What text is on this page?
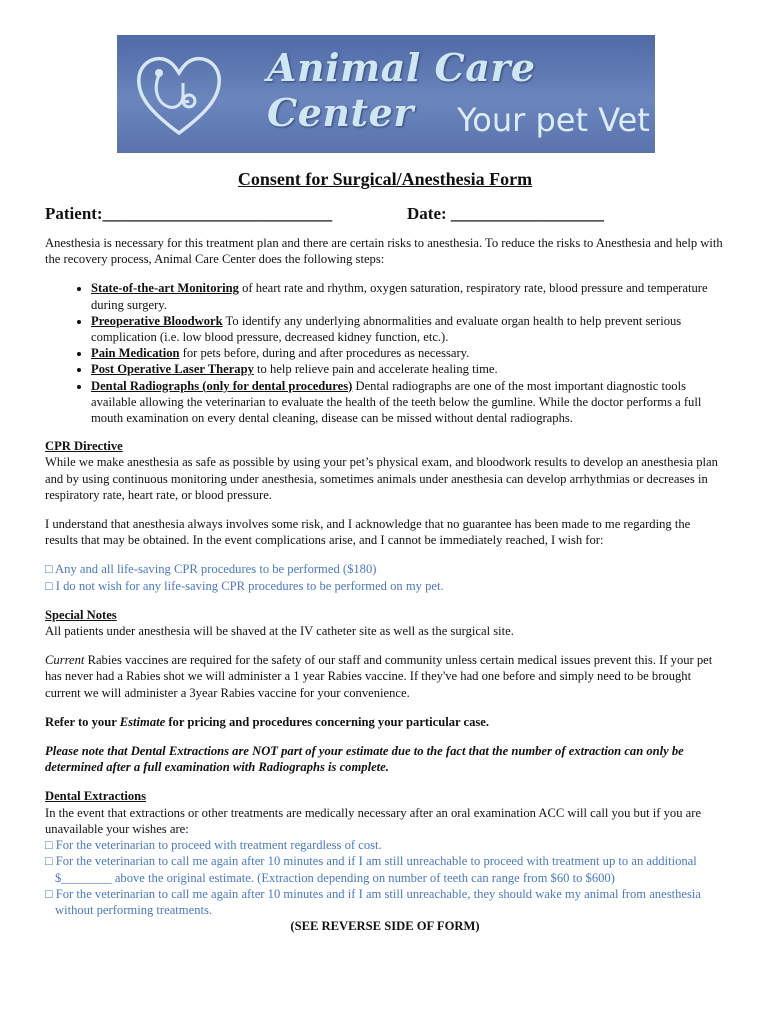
Animal Care Center	Your pet Vet
Consent for Surgical/Anesthesia Form
Patient:___________________________	Date: __________________

Anesthesia is necessary for this treatment plan and there are certain risks to anesthesia. To reduce the risks to Anesthesia and help with the recovery process, Animal Care Center does the following steps:

• State-of-the-art Monitoring of heart rate and rhythm, oxygen saturation, respiratory rate, blood pressure and temperature during surgery.
• Preoperative Bloodwork To identify any underlying abnormalities and evaluate organ health to help prevent serious complication (i.e. low blood pressure, decreased kidney function, etc.).
• Pain Medication for pets before, during and after procedures as necessary.
• Post Operative Laser Therapy to help relieve pain and accelerate healing time.
• Dental Radiographs (only for dental procedures) Dental radiographs are one of the most important diagnostic tools available allowing the veterinarian to evaluate the health of the teeth below the gumline. While the doctor performs a full mouth examination on every dental cleaning, disease can be missed without dental radiographs.
CPR Directive

While we make anesthesia as safe as possible by using your pet’s physical exam, and bloodwork results to develop an anesthesia plan and by using continuous monitoring under anesthesia, sometimes animals under anesthesia can develop arrhythmias or decreases in respiratory rate, heart rate, or blood pressure.

I understand that anesthesia always involves some risk, and I acknowledge that no guarantee has been made to me regarding the results that may be obtained. In the event complications arise, and I cannot be immediately reached, I wish for:

□ Any and all life-saving CPR procedures to be performed ($180)
□ I do not wish for any life-saving CPR procedures to be performed on my pet.
Special Notes

All patients under anesthesia will be shaved at the IV catheter site as well as the surgical site.

Current Rabies vaccines are required for the safety of our staff and community unless certain medical issues prevent this. If your pet has never had a Rabies shot we will administer a 1 year Rabies vaccine. If they've had one before and simply need to be brought current we will administer a 3year Rabies vaccine for your convenience.

Refer to your Estimate for pricing and procedures concerning your particular case.

Please note that Dental Extractions are NOT part of your estimate due to the fact that the number of extraction can only be determined after a full examination with Radiographs is complete.

Dental Extractions
In the event that extractions or other treatments are medically necessary after an oral examination ACC will call you but if you are unavailable your wishes are:
□ For the veterinarian to proceed with treatment regardless of cost.
□ For the veterinarian to call me again after 10 minutes and if I am still unreachable to proceed with treatment up to an additional $________ above the original estimate. (Extraction depending on number of teeth can range from $60 to $600)
□ For the veterinarian to call me again after 10 minutes and if I am still unreachable, they should wake my animal from anesthesia without performing treatments.
(SEE REVERSE SIDE OF FORM)
